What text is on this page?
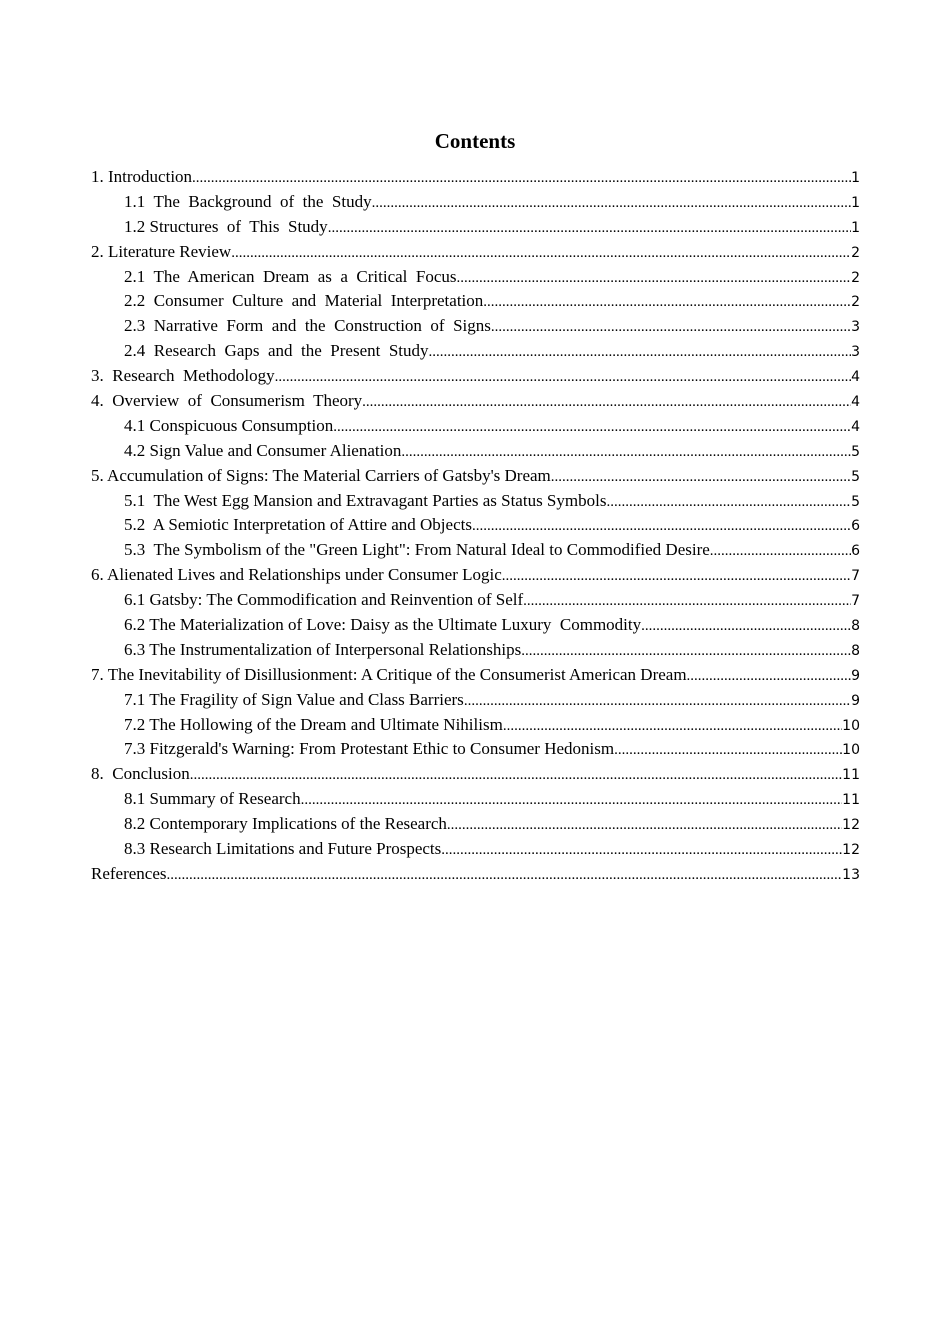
Contents
1. Introduction .....	1
1.1  The  Background  of  the  Study .....	1
1.2 Structures  of  This  Study .....	1
2. Literature Review .....	2
2.1  The  American  Dream  as  a  Critical  Focus .....	2
2.2  Consumer  Culture  and  Material  Interpretation .....	2
2.3  Narrative  Form  and  the  Construction  of  Signs .....	3
2.4  Research  Gaps  and  the  Present  Study .....	3
3.  Research  Methodology .....	4
4.  Overview  of  Consumerism  Theory .....	4
4.1 Conspicuous Consumption .....	4
4.2 Sign Value and Consumer Alienation .....	5
5. Accumulation of Signs: The Material Carriers of Gatsby's Dream .....	5
5.1  The West Egg Mansion and Extravagant Parties as Status Symbols .....	5
5.2  A Semiotic Interpretation of Attire and Objects .....	6
5.3  The Symbolism of the "Green Light": From Natural Ideal to Commodified Desire .....	6
6. Alienated Lives and Relationships under Consumer Logic .....	7
6.1 Gatsby: The Commodification and Reinvention of Self .....	7
6.2 The Materialization of Love: Daisy as the Ultimate Luxury  Commodity .....	8
6.3 The Instrumentalization of Interpersonal Relationships .....	8
7. The Inevitability of Disillusionment: A Critique of the Consumerist American Dream .....	9
7.1 The Fragility of Sign Value and Class Barriers .....	9
7.2 The Hollowing of the Dream and Ultimate Nihilism .....	10
7.3 Fitzgerald's Warning: From Protestant Ethic to Consumer Hedonism .....	10
8.  Conclusion .....	11
8.1 Summary of Research .....	11
8.2 Contemporary Implications of the Research .....	12
8.3 Research Limitations and Future Prospects .....	12
References .....	13
